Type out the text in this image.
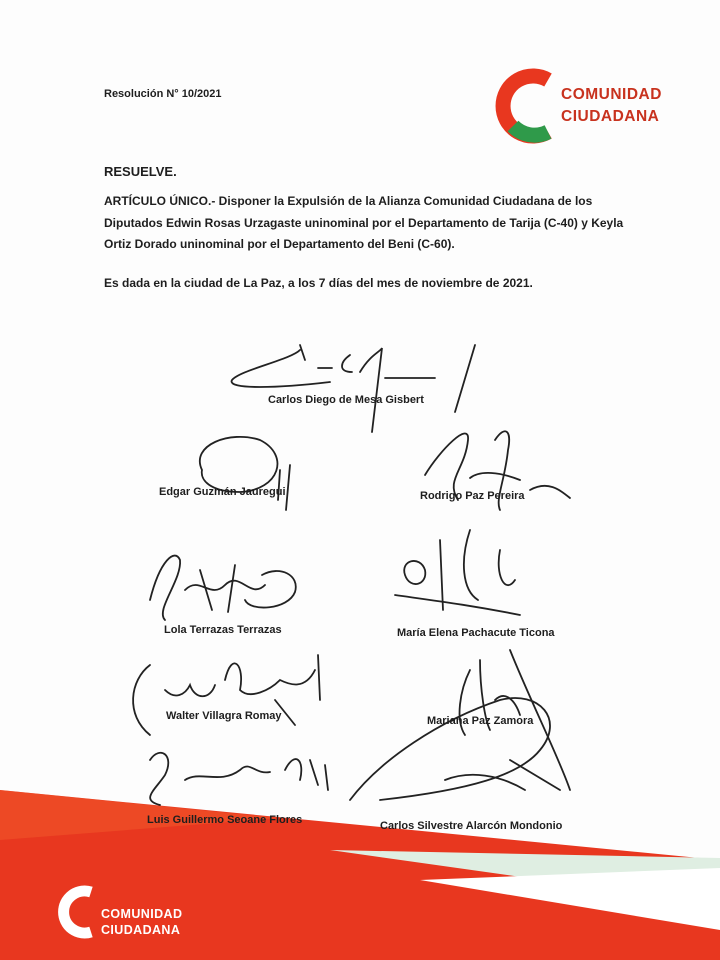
Resolución N° 10/2021	COMUNIDAD
CIUDADANA
RESUELVE.
ARTÍCULO ÚNICO.- Disponer la Expulsión de la Alianza Comunidad Ciudadana de los Diputados Edwin Rosas Urzagaste uninominal por el Departamento de Tarija (C-40) y Keyla Ortiz Dorado uninominal por el Departamento del Beni (C-60).
Es dada en la ciudad de La Paz, a los 7 días del mes de noviembre de 2021.
Carlos Diego de Mesa Gisbert
Edgar Guzmán Jauregui	Rodrigo Paz Pereira
Lola Terrazas Terrazas	María Elena Pachacute Ticona
Walter Villagra Romay	Mariana Paz Zamora
Luis Guillermo Seoane Flores	Carlos Silvestre Alarcón Mondonio
COMUNIDAD
CIUDADANA
